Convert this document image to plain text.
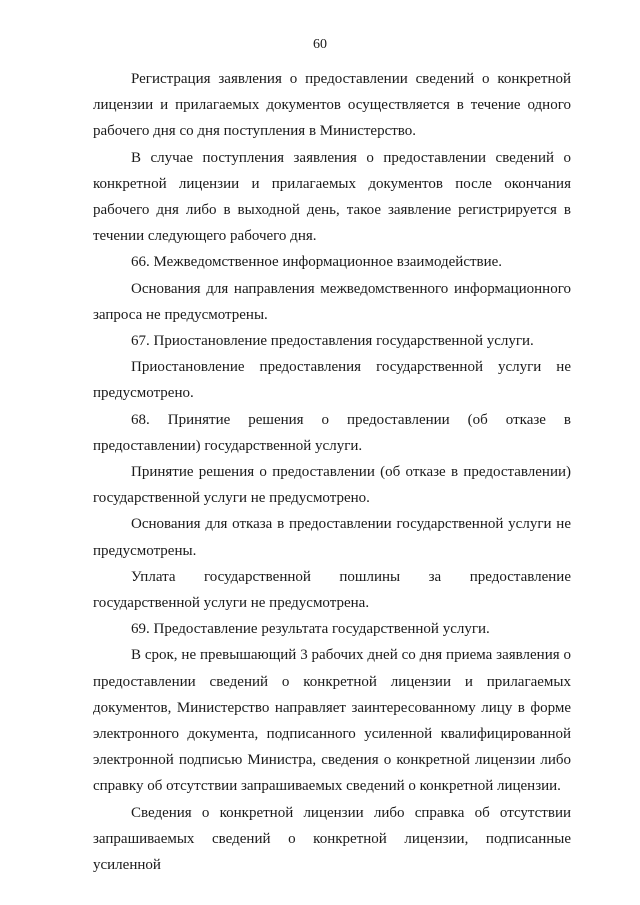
60

Регистрация заявления о предоставлении сведений о конкретной лицензии и прилагаемых документов осуществляется в течение одного рабочего дня со дня поступления в Министерство.

В случае поступления заявления о предоставлении сведений о конкретной лицензии и прилагаемых документов после окончания рабочего дня либо в выходной день, такое заявление регистрируется в течении следующего рабочего дня.

66. Межведомственное информационное взаимодействие.

Основания для направления межведомственного информационного запроса не предусмотрены.

67. Приостановление предоставления государственной услуги.

Приостановление предоставления государственной услуги не предусмотрено.

68. Принятие решения о предоставлении (об отказе в предоставлении) государственной услуги.

Принятие решения о предоставлении (об отказе в предоставлении) государственной услуги не предусмотрено.

Основания для отказа в предоставлении государственной услуги не предусмотрены.

Уплата государственной пошлины за предоставление государственной услуги не предусмотрена.

69. Предоставление результата государственной услуги.

В срок, не превышающий 3 рабочих дней со дня приема заявления о предоставлении сведений о конкретной лицензии и прилагаемых документов, Министерство направляет заинтересованному лицу в форме электронного документа, подписанного усиленной квалифицированной электронной подписью Министра, сведения о конкретной лицензии либо справку об отсутствии запрашиваемых сведений о конкретной лицензии.

Сведения о конкретной лицензии либо справка об отсутствии запрашиваемых сведений о конкретной лицензии, подписанные усиленной
